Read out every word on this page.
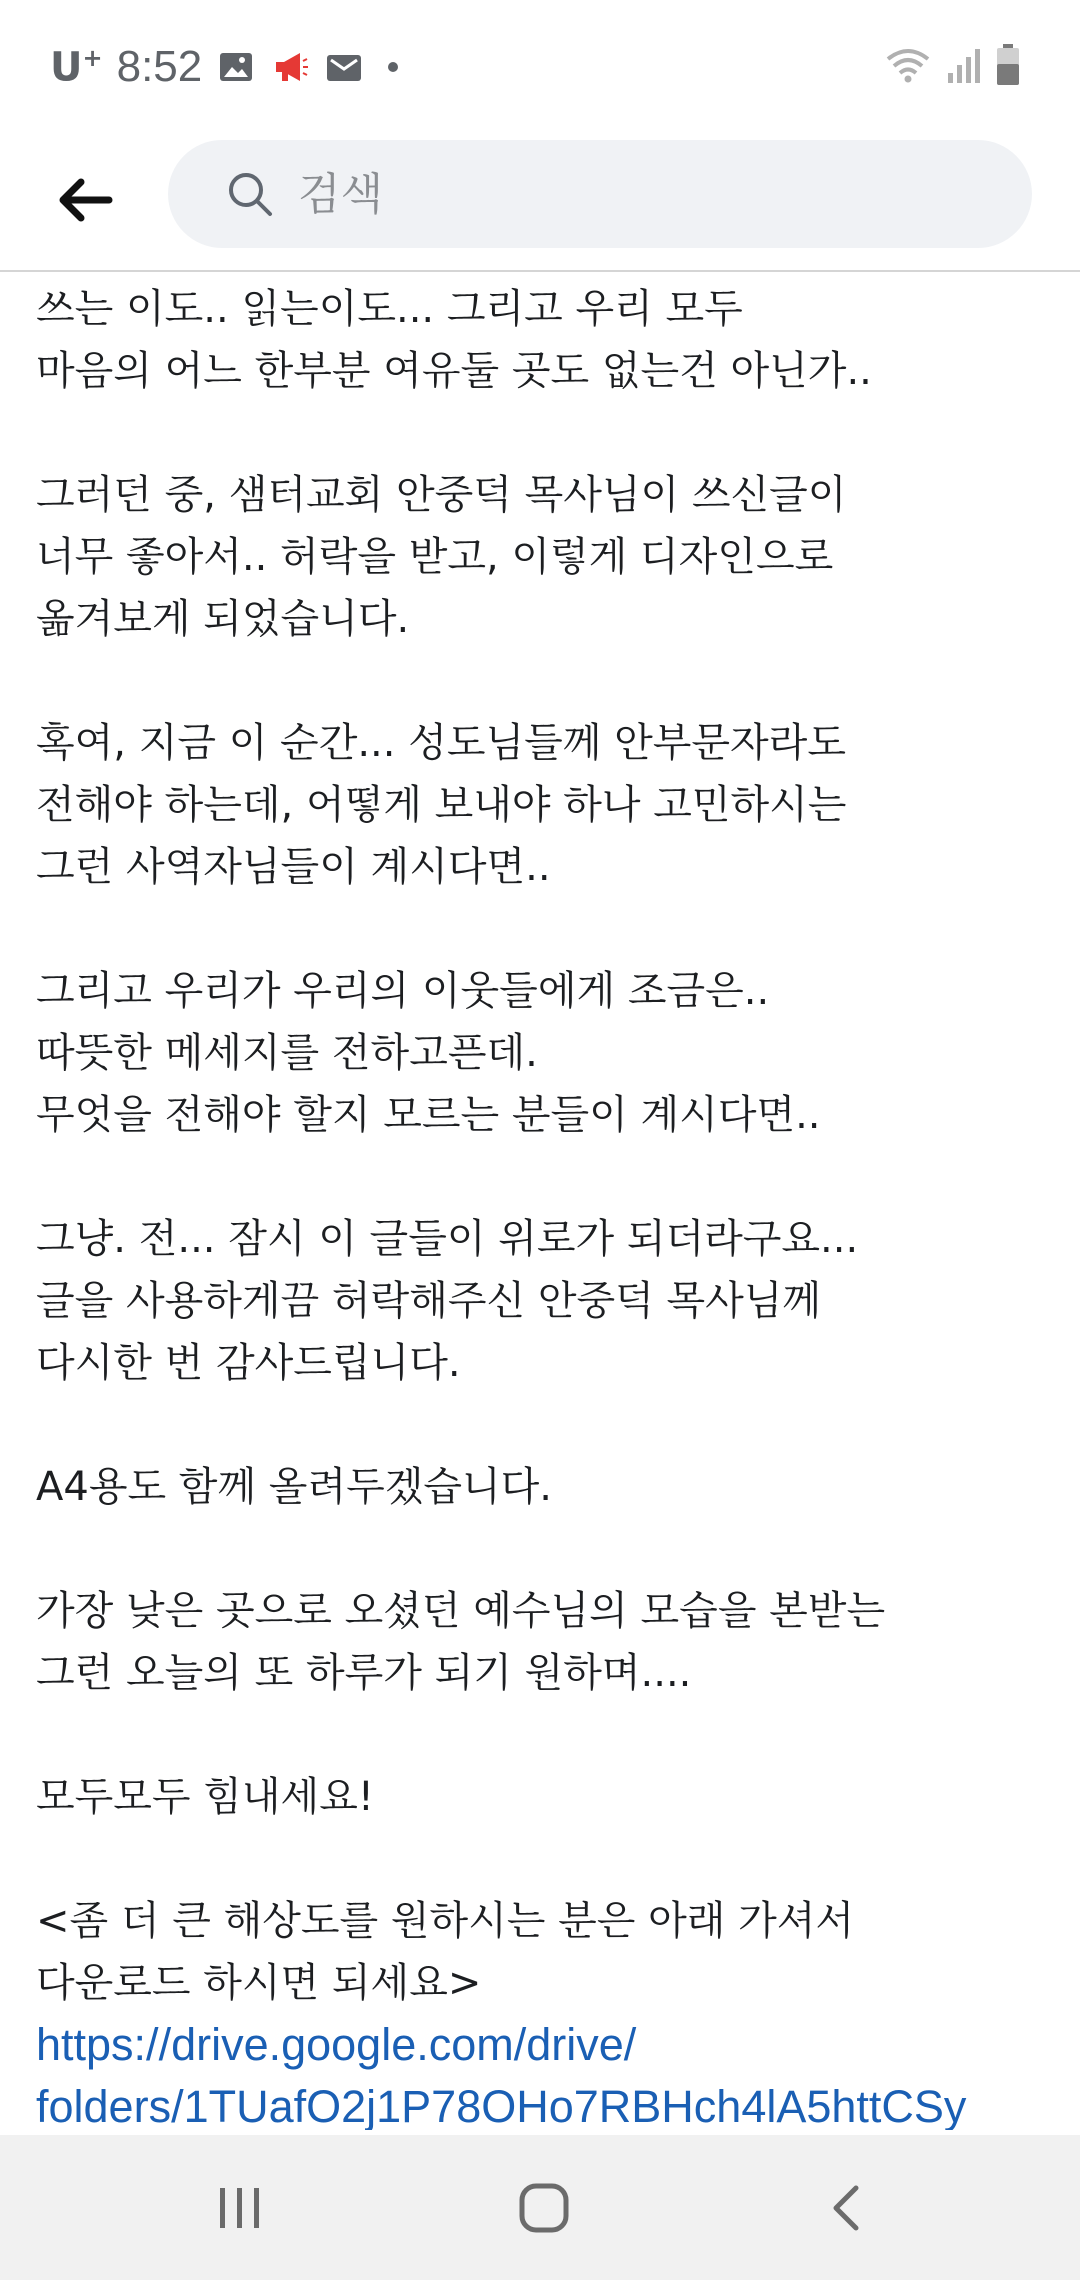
U+ 8:52
검색

쓰는 이도.. 읽는이도... 그리고 우리 모두
마음의 어느 한부분 여유둘 곳도 없는건 아닌가..

그러던 중, 샘터교회 안중덕 목사님이 쓰신글이
너무 좋아서.. 허락을 받고, 이렇게 디자인으로
옮겨보게 되었습니다.

혹여, 지금 이 순간... 성도님들께 안부문자라도
전해야 하는데, 어떻게 보내야 하나 고민하시는
그런 사역자님들이 계시다면..

그리고 우리가 우리의 이웃들에게 조금은..
따뜻한 메세지를 전하고픈데.
무엇을 전해야 할지 모르는 분들이 계시다면..

그냥. 전... 잠시 이 글들이 위로가 되더라구요...
글을 사용하게끔 허락해주신 안중덕 목사님께
다시한 번 감사드립니다.

A4용도 함께 올려두겠습니다.

가장 낮은 곳으로 오셨던 예수님의 모습을 본받는
그런 오늘의 또 하루가 되기 원하며....

모두모두 힘내세요!

<좀 더 큰 해상도를 원하시는 분은 아래 가셔서
다운로드 하시면 되세요>
https://drive.google.com/drive/
folders/1TUafO2j1P78OHo7RBHch4lA5httCSy
